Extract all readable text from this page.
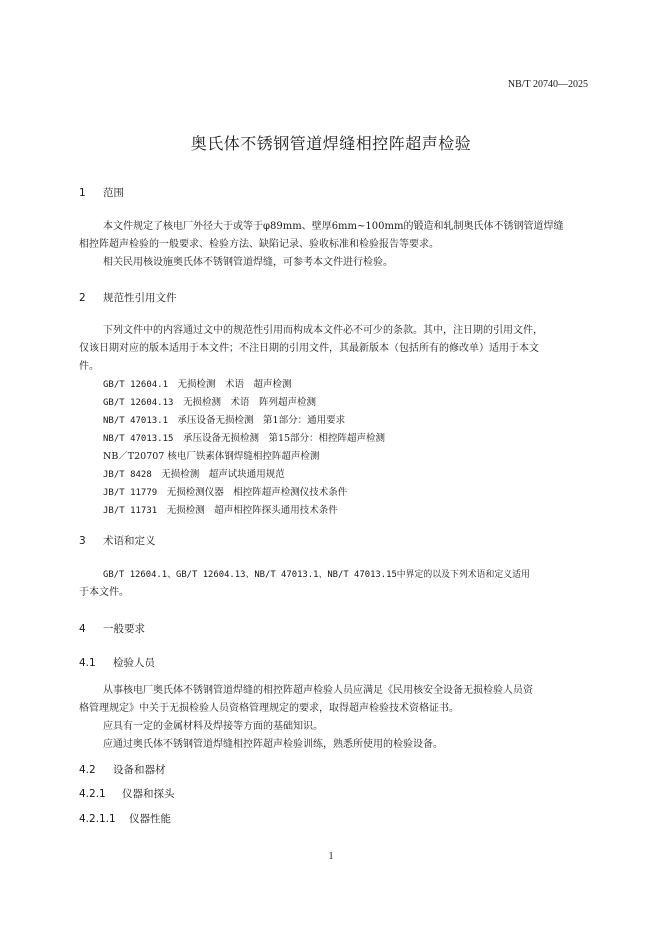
NB/T 20740—2025
奥氏体不锈钢管道焊缝相控阵超声检验
1 范围
本文件规定了核电厂外径大于或等于φ89mm、壁厚6mm~100mm的锻造和轧制奥氏体不锈钢管道焊缝
相控阵超声检验的一般要求、检验方法、缺陷记录、验收标准和检验报告等要求。
相关民用核设施奥氏体不锈钢管道焊缝，可参考本文件进行检验。
2 规范性引用文件
下列文件中的内容通过文中的规范性引用而构成本文件必不可少的条款。其中，注日期的引用文件，
仅该日期对应的版本适用于本文件；不注日期的引用文件，其最新版本（包括所有的修改单）适用于本文
件。
GB/T 12604.1　 无损检测　术语　超声检测
GB/T 12604.13　 无损检测　术语　阵列超声检测
NB/T 47013.1　 承压设备无损检测　第1部分：通用要求
NB/T 47013.15　 承压设备无损检测　第15部分：相控阵超声检测
NB／T20707 核电厂铁素体钢焊缝相控阵超声检测
JB/T 8428　 无损检测　超声试块通用规范
JB/T 11779　 无损检测仪器　相控阵超声检测仪技术条件
JB/T 11731　 无损检测　超声相控阵探头通用技术条件
3 术语和定义
GB/T 12604.1、GB/T 12604.13、NB/T 47013.1、NB/T 47013.15中界定的以及下列术语和定义适用
于本文件。
4 一般要求
4.1 检验人员
从事核电厂奥氏体不锈钢管道焊缝的相控阵超声检验人员应满足《民用核安全设备无损检验人员资
格管理规定》中关于无损检验人员资格管理规定的要求，取得超声检验技术资格证书。
应具有一定的金属材料及焊接等方面的基础知识。
应通过奥氏体不锈钢管道焊缝相控阵超声检验训练，熟悉所使用的检验设备。
4.2 设备和器材
4.2.1 仪器和探头
4.2.1.1 仪器性能
1
